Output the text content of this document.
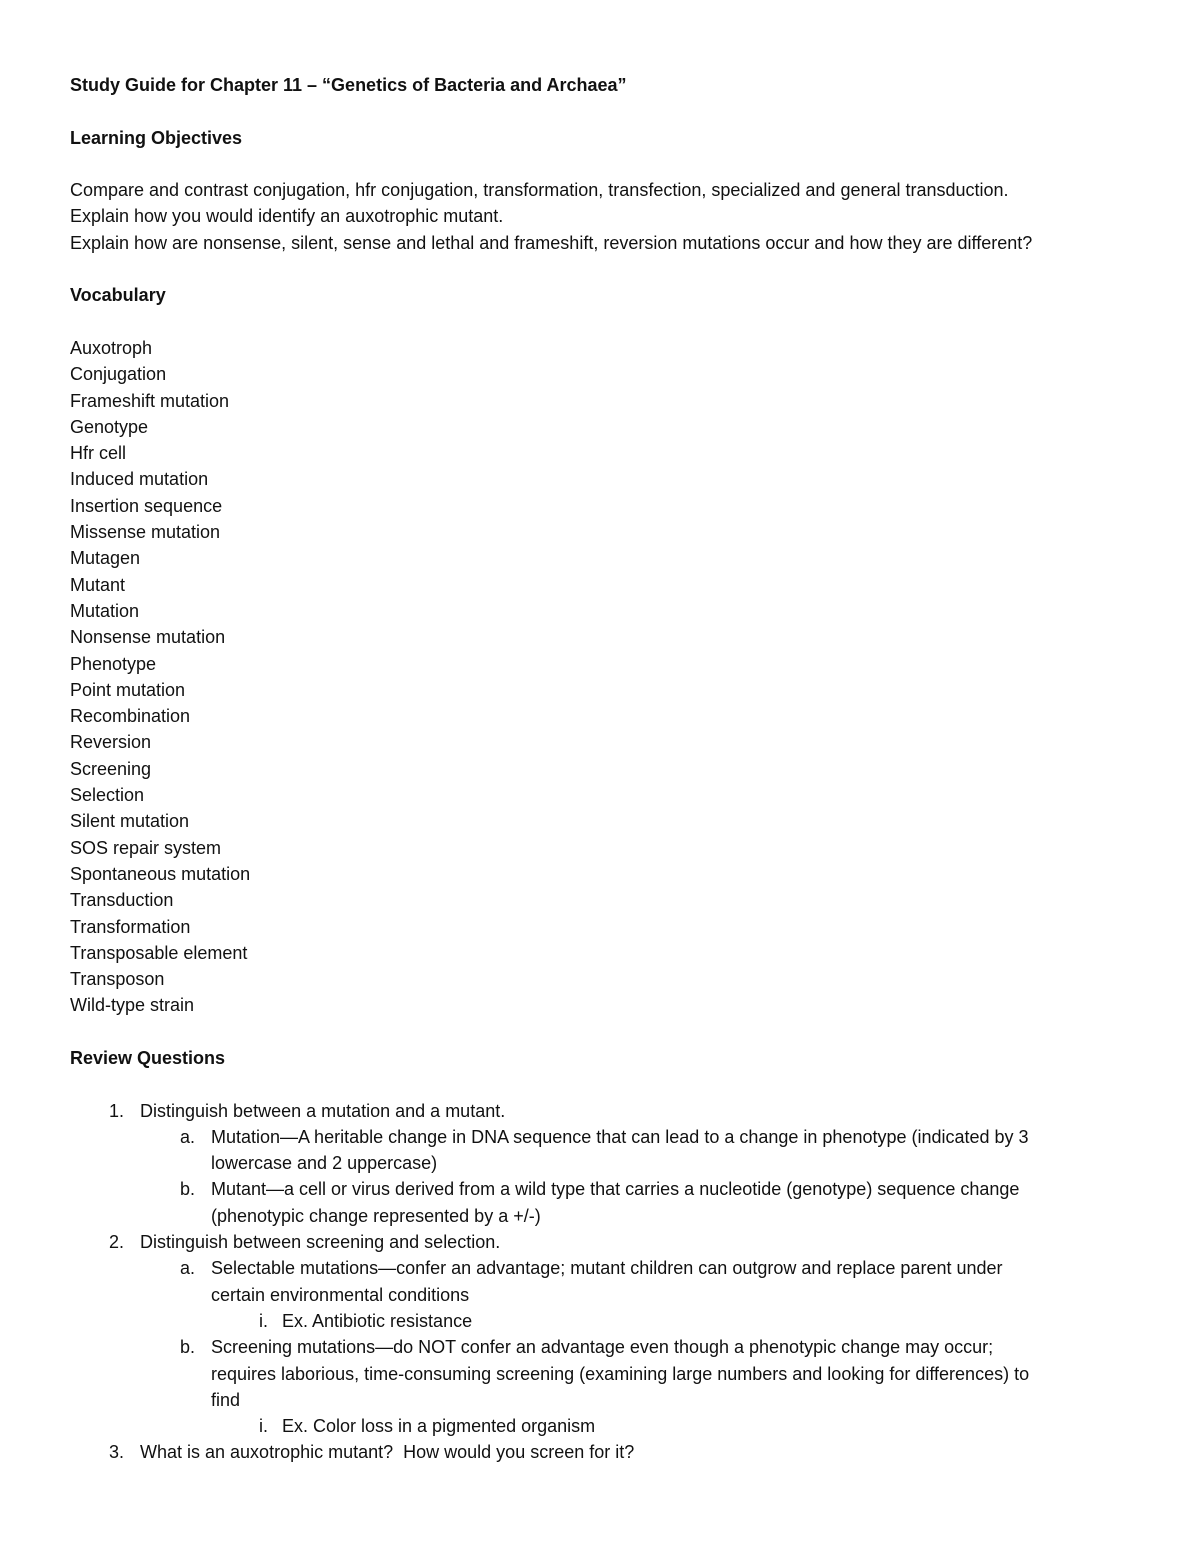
Study Guide for Chapter 11 – “Genetics of Bacteria and Archaea”

Learning Objectives

Compare and contrast conjugation, hfr conjugation, transformation, transfection, specialized and general transduction.

Explain how you would identify an auxotrophic mutant.

Explain how are nonsense, silent, sense and lethal and frameshift, reversion mutations occur and how they are different?

Vocabulary

Auxotroph
Conjugation
Frameshift mutation
Genotype
Hfr cell
Induced mutation
Insertion sequence
Missense mutation
Mutagen
Mutant
Mutation
Nonsense mutation
Phenotype
Point mutation
Recombination
Reversion
Screening
Selection
Silent mutation
SOS repair system
Spontaneous mutation
Transduction
Transformation
Transposable element
Transposon
Wild-type strain

Review Questions

1. Distinguish between a mutation and a mutant.
a. Mutation—A heritable change in DNA sequence that can lead to a change in phenotype (indicated by 3
lowercase and 2 uppercase)
b. Mutant—a cell or virus derived from a wild type that carries a nucleotide (genotype) sequence change
(phenotypic change represented by a +/-)
2. Distinguish between screening and selection.
a. Selectable mutations—confer an advantage; mutant children can outgrow and replace parent under
certain environmental conditions
i. Ex. Antibiotic resistance
b. Screening mutations—do NOT confer an advantage even though a phenotypic change may occur;
requires laborious, time-consuming screening (examining large numbers and looking for differences) to
find
i. Ex. Color loss in a pigmented organism
3. What is an auxotrophic mutant?  How would you screen for it?
